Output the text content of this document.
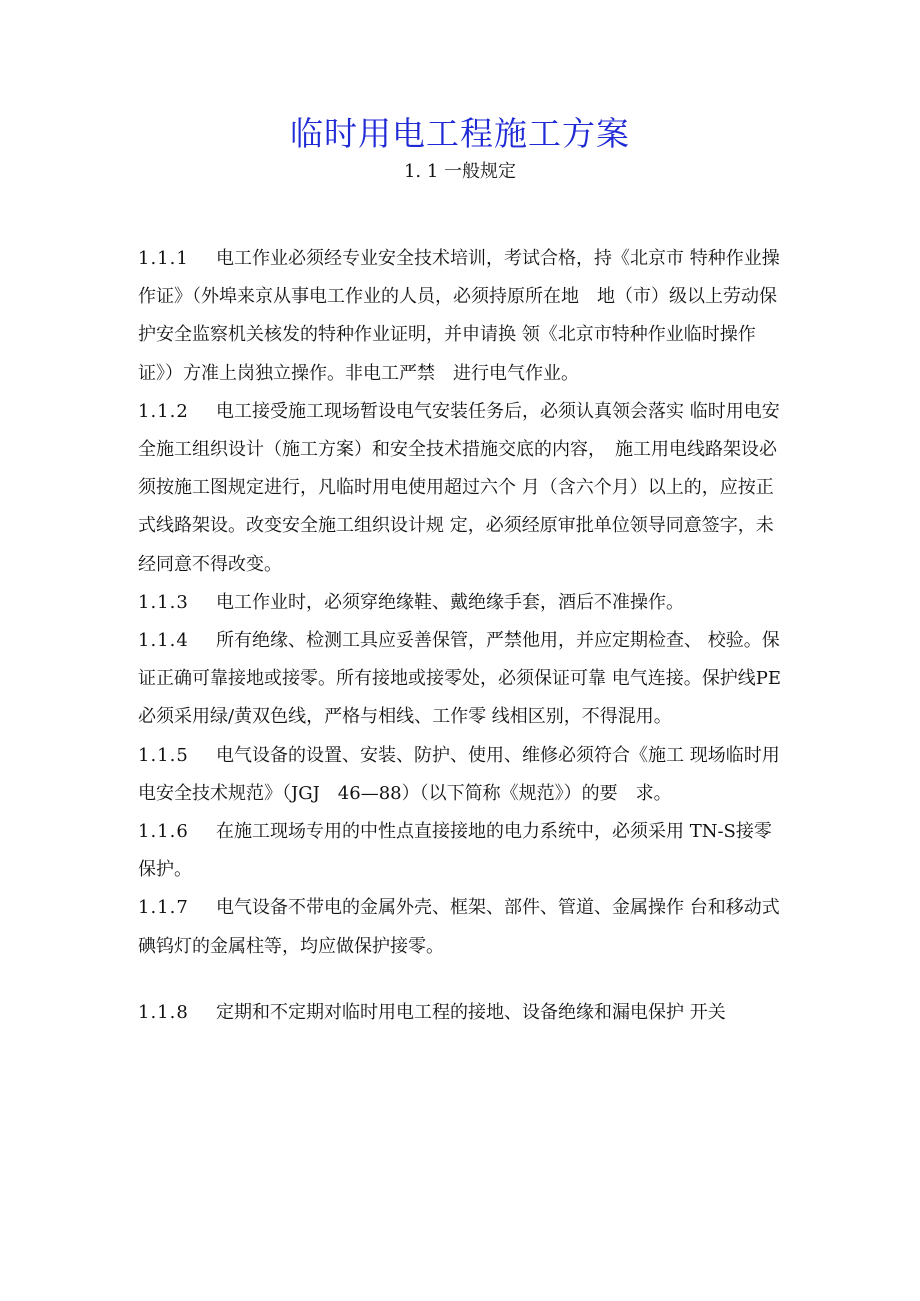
临时用电工程施工方案
1. 1 一般规定

1.1.1 电工作业必须经专业安全技术培训，考试合格，持《北京市 特种作业操作证》（外埠来京从事电工作业的人员，必须持原所在地　地（市）级以上劳动保护安全监察机关核发的特种作业证明，并申请换 领《北京市特种作业临时操作证》）方准上岗独立操作。非电工严禁　进行电气作业。

1.1.2 电工接受施工现场暂设电气安装任务后，必须认真领会落实 临时用电安全施工组织设计（施工方案）和安全技术措施交底的内容，　施工用电线路架设必须按施工图规定进行，凡临时用电使用超过六个 月（含六个月）以上的，应按正式线路架设。改变安全施工组织设计规 定，必须经原审批单位领导同意签字，未经同意不得改变。

1.1.3 电工作业时，必须穿绝缘鞋、戴绝缘手套，酒后不准操作。

1.1.4 所有绝缘、检测工具应妥善保管，严禁他用，并应定期检查、 校验。保证正确可靠接地或接零。所有接地或接零处，必须保证可靠 电气连接。保护线PE必须采用绿/黄双色线，严格与相线、工作零 线相区别，不得混用。

1.1.5 电气设备的设置、安装、防护、使用、维修必须符合《施工 现场临时用电安全技术规范》（JGJ　46—88）（以下简称《规范》）的要　求。

1.1.6 在施工现场专用的中性点直接接地的电力系统中，必须采用 TN-S接零保护。

1.1.7 电气设备不带电的金属外壳、框架、部件、管道、金属操作 台和移动式碘钨灯的金属柱等，均应做保护接零。

1.1.8 定期和不定期对临时用电工程的接地、设备绝缘和漏电保护 开关
